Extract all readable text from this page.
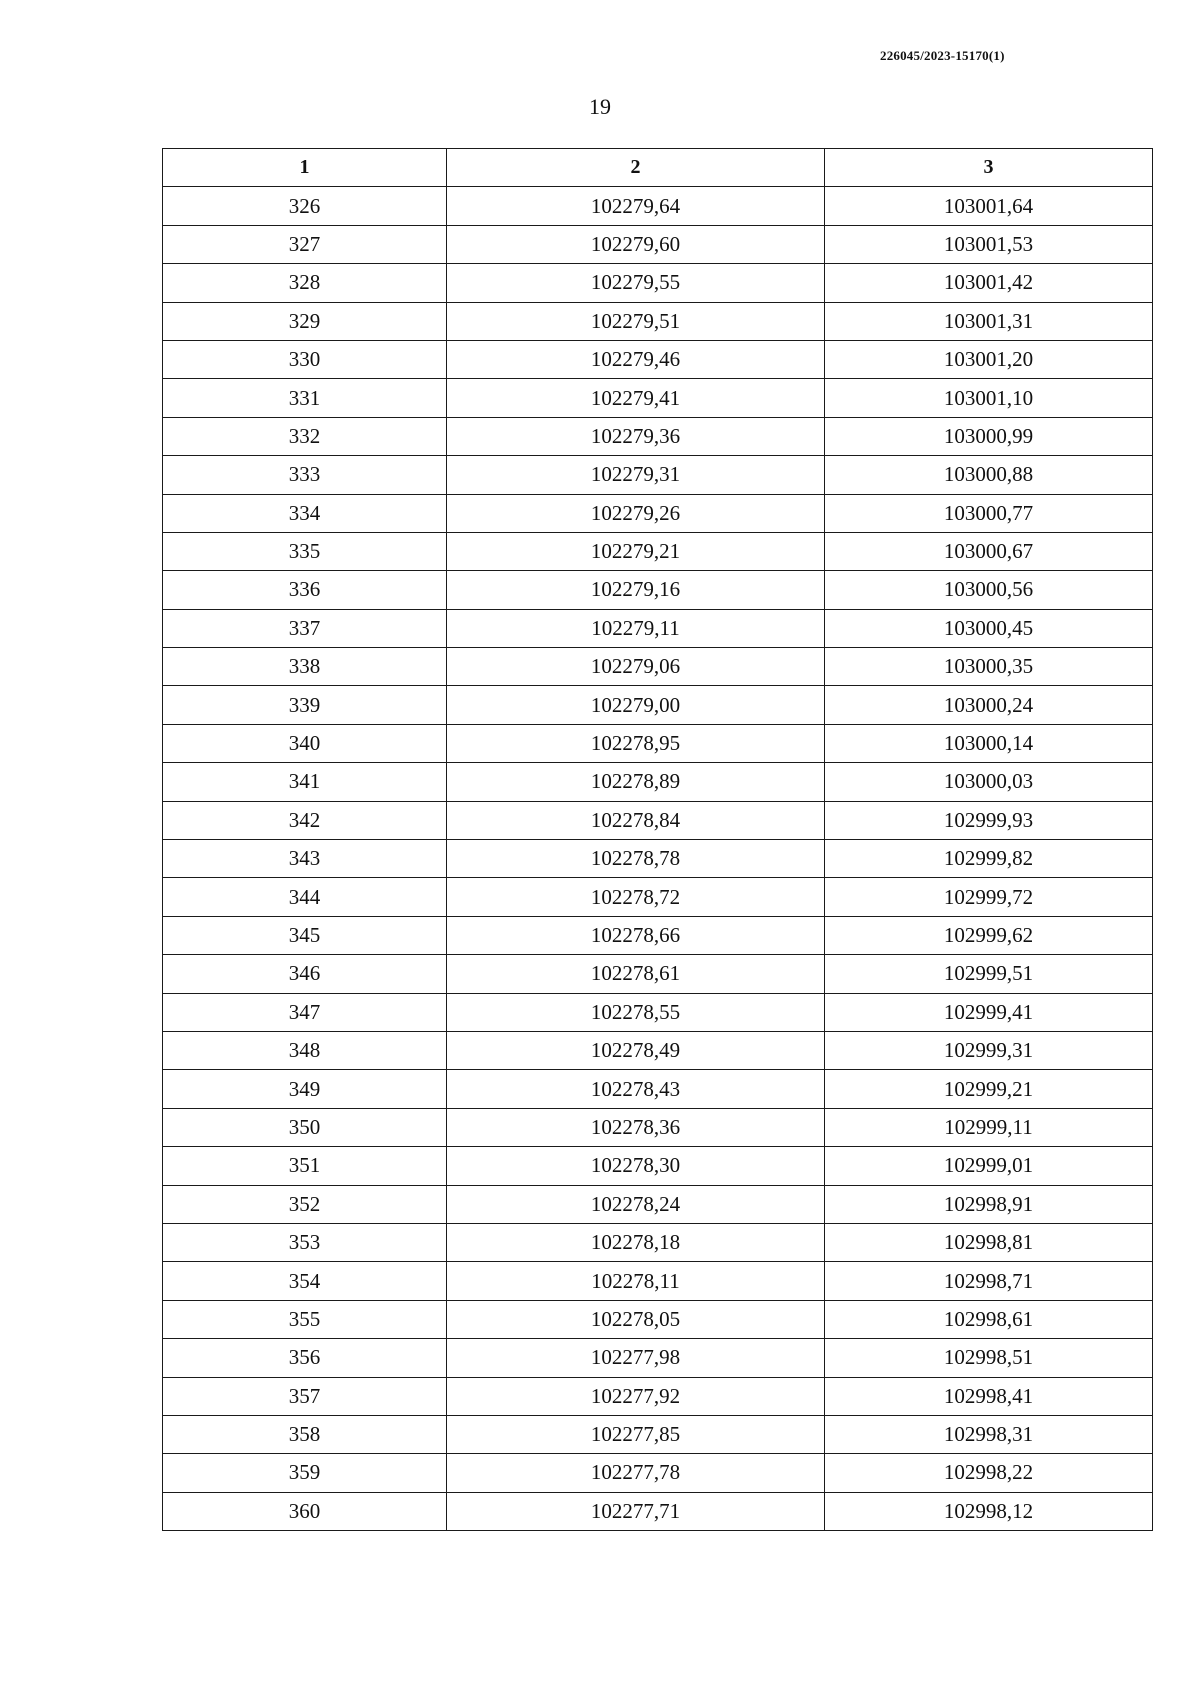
226045/2023-15170(1)
19
1	2	3
326	102279,64	103001,64
327	102279,60	103001,53
328	102279,55	103001,42
329	102279,51	103001,31
330	102279,46	103001,20
331	102279,41	103001,10
332	102279,36	103000,99
333	102279,31	103000,88
334	102279,26	103000,77
335	102279,21	103000,67
336	102279,16	103000,56
337	102279,11	103000,45
338	102279,06	103000,35
339	102279,00	103000,24
340	102278,95	103000,14
341	102278,89	103000,03
342	102278,84	102999,93
343	102278,78	102999,82
344	102278,72	102999,72
345	102278,66	102999,62
346	102278,61	102999,51
347	102278,55	102999,41
348	102278,49	102999,31
349	102278,43	102999,21
350	102278,36	102999,11
351	102278,30	102999,01
352	102278,24	102998,91
353	102278,18	102998,81
354	102278,11	102998,71
355	102278,05	102998,61
356	102277,98	102998,51
357	102277,92	102998,41
358	102277,85	102998,31
359	102277,78	102998,22
360	102277,71	102998,12
